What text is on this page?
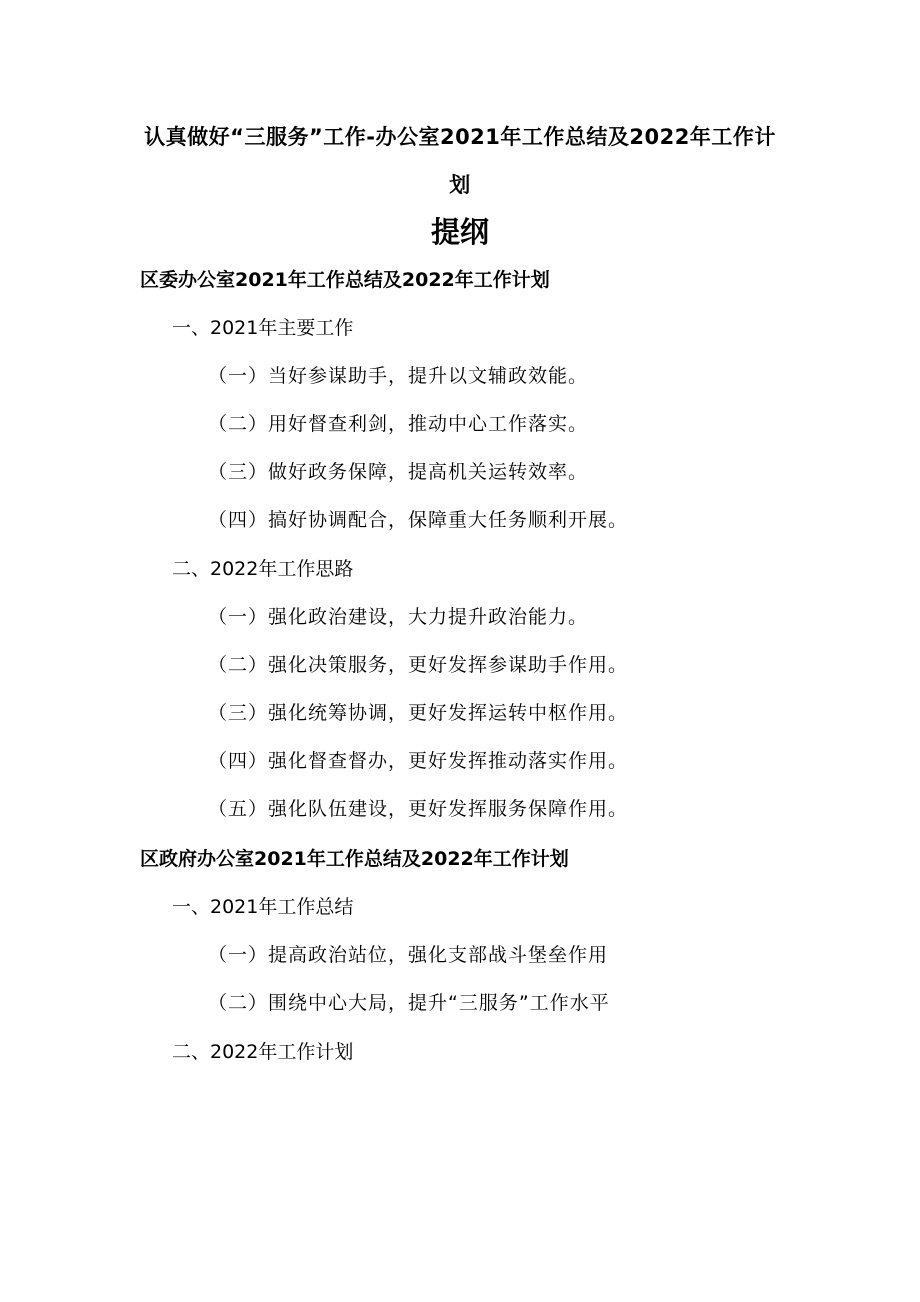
认真做好“三服务”工作-办公室2021年工作总结及2022年工作计
划
提纲
区委办公室2021年工作总结及2022年工作计划
一、2021年主要工作
（一）当好参谋助手，提升以文辅政效能。
（二）用好督查利剑，推动中心工作落实。
（三）做好政务保障，提高机关运转效率。
（四）搞好协调配合，保障重大任务顺利开展。
二、2022年工作思路
（一）强化政治建设，大力提升政治能力。
（二）强化决策服务，更好发挥参谋助手作用。
（三）强化统筹协调，更好发挥运转中枢作用。
（四）强化督查督办，更好发挥推动落实作用。
（五）强化队伍建设，更好发挥服务保障作用。
区政府办公室2021年工作总结及2022年工作计划
一、2021年工作总结
（一）提高政治站位，强化支部战斗堡垒作用
（二）围绕中心大局，提升“三服务”工作水平
二、2022年工作计划
